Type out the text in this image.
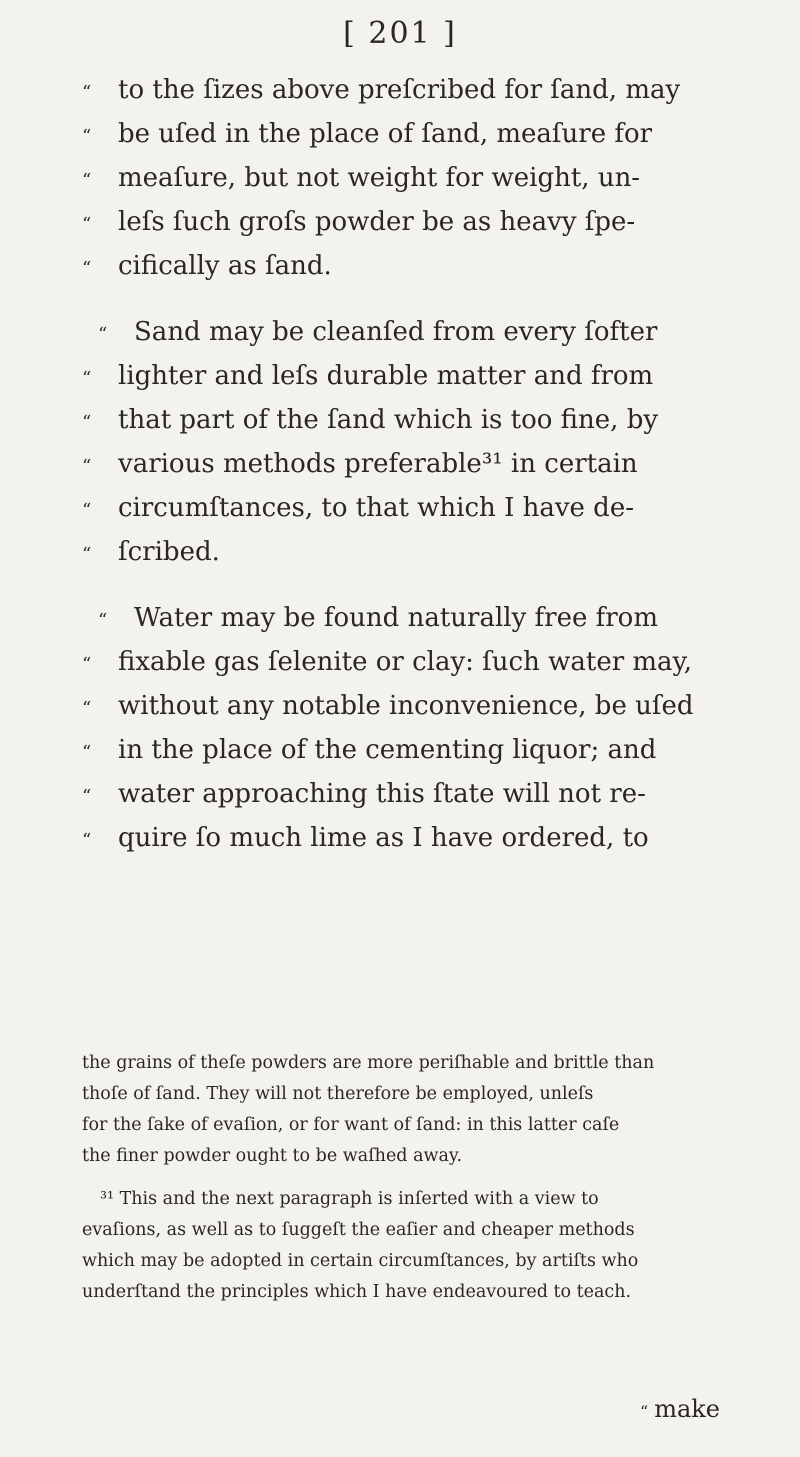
[ 201 ]
“	to the ſizes above preſcribed for ſand, may
“	be uſed in the place of ſand, meaſure for
“	meaſure, but not weight for weight, un-
“	leſs ſuch groſs powder be as heavy ſpe-
“	cifically as ſand.
“	Sand may be cleanſed from every ſofter
“	lighter and leſs durable matter and from
“	that part of the ſand which is too fine, by
“	various methods preferable³¹ in certain
“	circumſtances, to that which I have de-
“	ſcribed.
“	Water may be found naturally free from
“	fixable gas ſelenite or clay: ſuch water may,
“	without any notable inconvenience, be uſed
“	in the place of the cementing liquor; and
“	water approaching this ſtate will not re-
“	quire ſo much lime as I have ordered, to
the grains of theſe powders are more periſhable and brittle than
thoſe of ſand. They will not therefore be employed, unleſs
for the ſake of evaſion, or for want of ſand: in this latter caſe
the finer powder ought to be waſhed away.
³¹ This and the next paragraph is inſerted with a view to
evaſions, as well as to ſuggeſt the eaſier and cheaper methods
which may be adopted in certain circumſtances, by artiſts who
underſtand the principles which I have endeavoured to teach.
“ make
